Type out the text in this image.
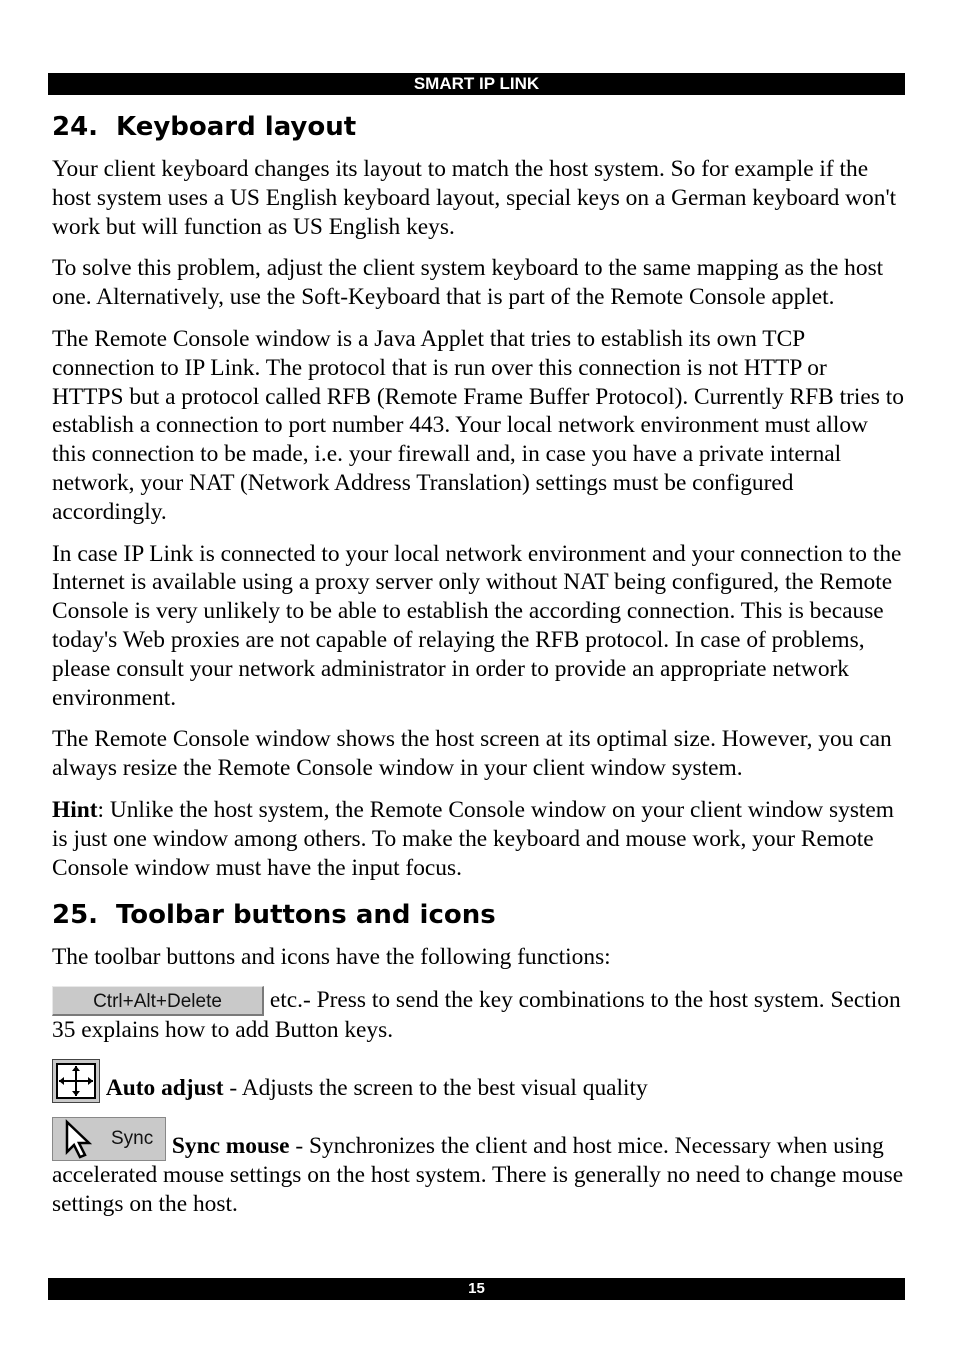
SMART IP LINK
24. Keyboard layout

Your client keyboard changes its layout to match the host system. So for example if the host system uses a US English keyboard layout, special keys on a German keyboard won't work but will function as US English keys.

To solve this problem, adjust the client system keyboard to the same mapping as the host one. Alternatively, use the Soft-Keyboard that is part of the Remote Console applet.

The Remote Console window is a Java Applet that tries to establish its own TCP connection to IP Link. The protocol that is run over this connection is not HTTP or HTTPS but a protocol called RFB (Remote Frame Buffer Protocol). Currently RFB tries to establish a connection to port number 443. Your local network environment must allow this connection to be made, i.e. your firewall and, in case you have a private internal network, your NAT (Network Address Translation) settings must be configured accordingly.

In case IP Link is connected to your local network environment and your connection to the Internet is available using a proxy server only without NAT being configured, the Remote Console is very unlikely to be able to establish the according connection. This is because today's Web proxies are not capable of relaying the RFB protocol. In case of problems, please consult your network administrator in order to provide an appropriate network environment.

The Remote Console window shows the host screen at its optimal size. However, you can always resize the Remote Console window in your client window system.

Hint: Unlike the host system, the Remote Console window on your client window system is just one window among others. To make the keyboard and mouse work, your Remote Console window must have the input focus.

25. Toolbar buttons and icons

The toolbar buttons and icons have the following functions:

Ctrl+Alt+Delete etc.- Press to send the key combinations to the host system. Section 35 explains how to add Button keys.

Auto adjust - Adjusts the screen to the best visual quality

Sync Sync mouse - Synchronizes the client and host mice. Necessary when using accelerated mouse settings on the host system. There is generally no need to change mouse settings on the host.

15
